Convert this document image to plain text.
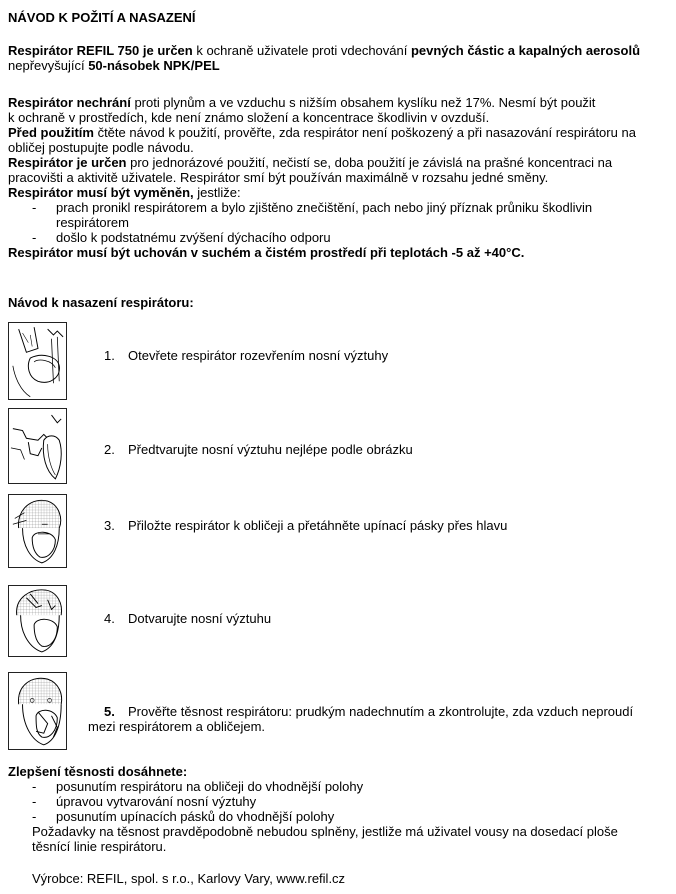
NÁVOD K POŽITÍ A NASAZENÍ

Respirátor REFIL 750 je určen k ochraně uživatele proti vdechování pevných částic a kapalných aerosolů

nepřevyšující 50-násobek NPK/PEL

Respirátor nechrání proti plynům a ve vzduchu s nižším obsahem kyslíku než 17%. Nesmí být použit

k ochraně v prostředích, kde není známo složení a koncentrace škodlivin v ovzduší.

Před použitím čtěte návod k použití, prověřte, zda respirátor není poškozený a při nasazování respirátoru na

obličej postupujte podle návodu.

Respirátor je určen pro jednorázové použití, nečistí se, doba použití je závislá na prašné koncentraci na

pracovišti a aktivitě uživatele. Respirátor smí být používán maximálně v rozsahu jedné směny.

Respirátor musí být vyměněn, jestliže:

- prach pronikl respirátorem a bylo zjištěno znečištění, pach nebo jiný příznak průniku škodlivin
respirátorem
- došlo k podstatnému zvýšení dýchacího odporu

Respirátor musí být uchován v suchém a čistém prostředí při teplotách -5 až +40°C.

Návod k nasazení respirátoru:
1. Otevřete respirátor rozevřením nosní výztuhy
2. Předtvarujte nosní výztuhu nejlépe podle obrázku
3. Přiložte respirátor k obličeji a přetáhněte upínací pásky přes hlavu
4. Dotvarujte nosní výztuhu
5. Prověřte těsnost respirátoru: prudkým nadechnutím a zkontrolujte, zda vzduch neproudí
mezi respirátorem a obličejem.

Zlepšení těsnosti dosáhnete:

- posunutím respirátoru na obličeji do vhodnější polohy
- úpravou vytvarování nosní výztuhy
- posunutím upínacích pásků do vhodnější polohy

Požadavky na těsnost pravděpodobně nebudou splněny, jestliže má uživatel vousy na dosedací ploše

těsnící linie respirátoru.

Výrobce: REFIL, spol. s r.o., Karlovy Vary, www.refil.cz
